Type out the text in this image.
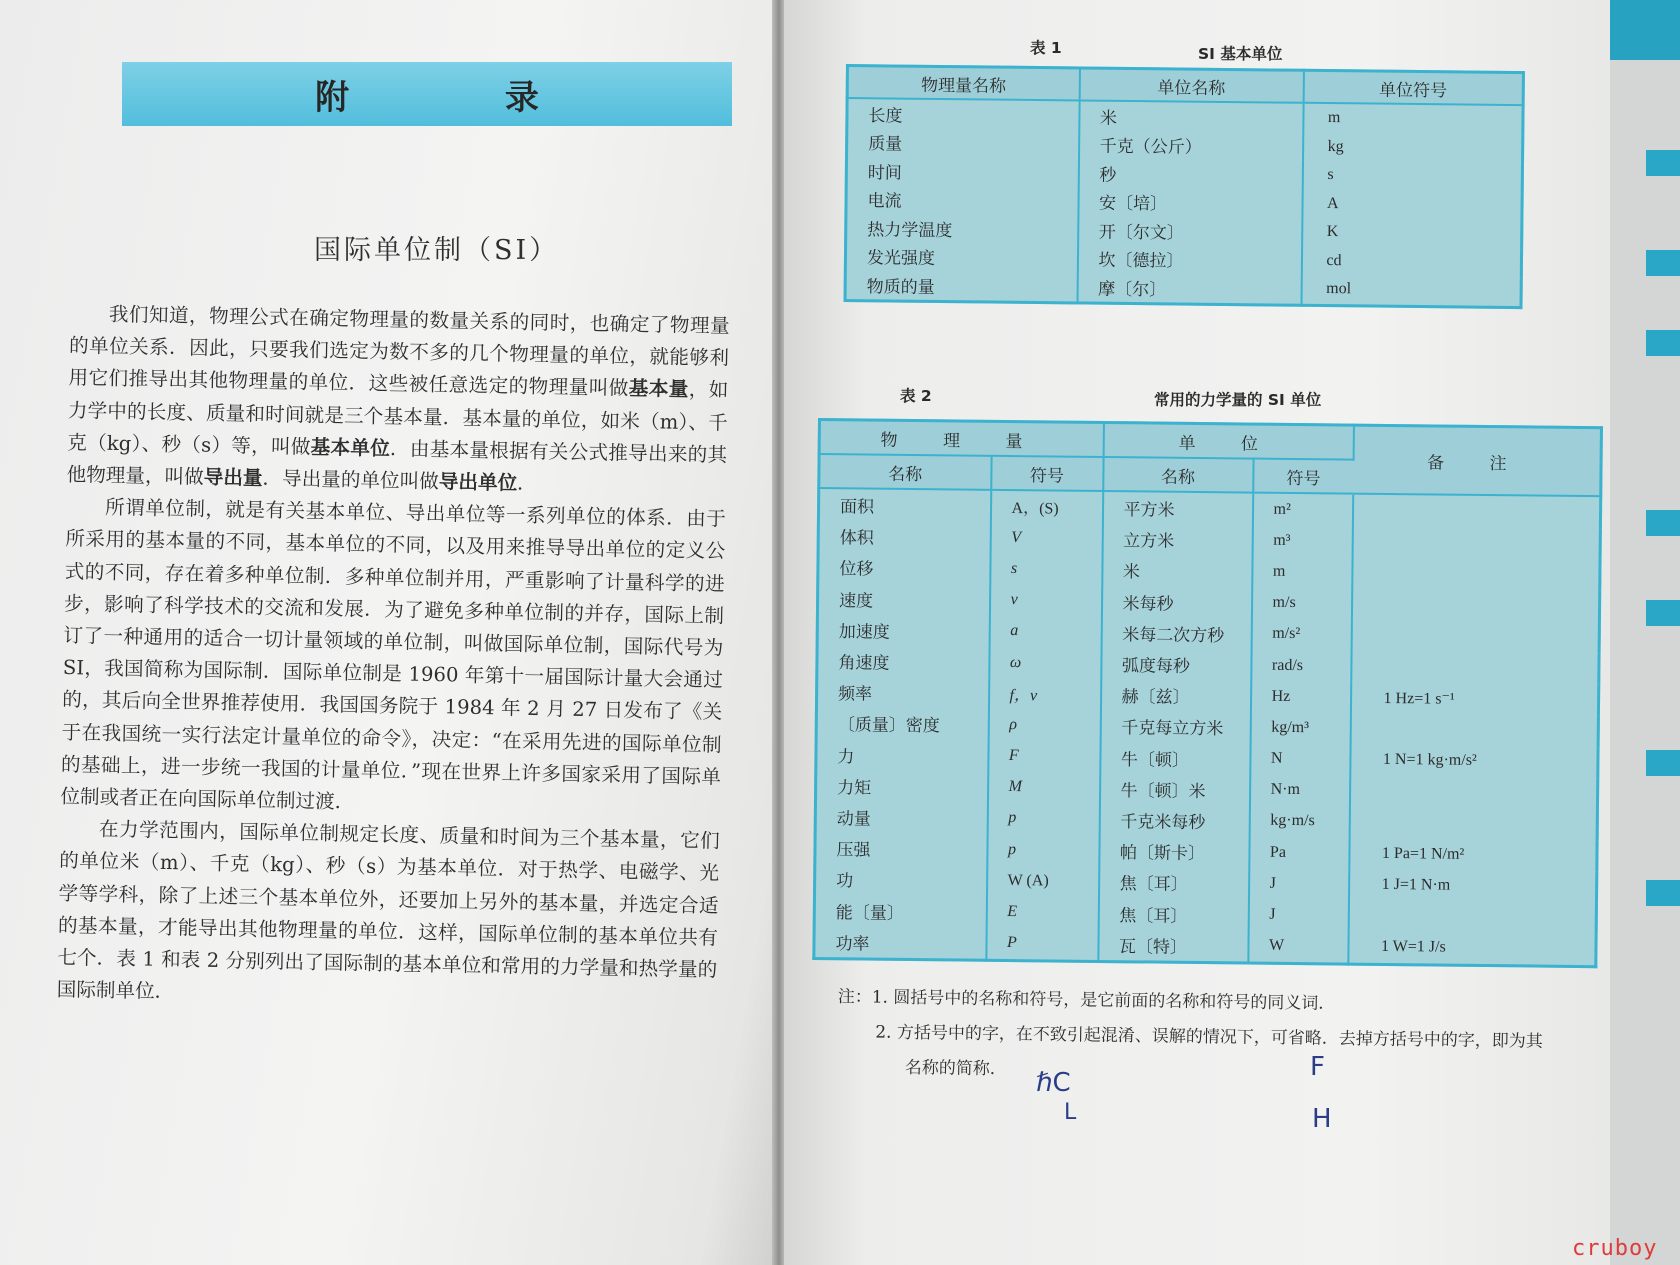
附 录
国际单位制（SI）

我们知道，物理公式在确定物理量的数量关系的同时，也确定了物理量的单位关系．因此，只要我们选定为数不多的几个物理量的单位，就能够利用它们推导出其他物理量的单位．这些被任意选定的物理量叫做基本量，如力学中的长度、质量和时间就是三个基本量．基本量的单位，如米（m）、千克（kg）、秒（s）等，叫做基本单位．由基本量根据有关公式推导出来的其他物理量，叫做导出量．导出量的单位叫做导出单位．

所谓单位制，就是有关基本单位、导出单位等一系列单位的体系．由于所采用的基本量的不同，基本单位的不同，以及用来推导导出单位的定义公式的不同，存在着多种单位制．多种单位制并用，严重影响了计量科学的进步，影响了科学技术的交流和发展．为了避免多种单位制的并存，国际上制订了一种通用的适合一切计量领域的单位制，叫做国际单位制，国际代号为 SI，我国简称为国际制．国际单位制是 1960 年第十一届国际计量大会通过的，其后向全世界推荐使用．我国国务院于 1984 年 2 月 27 日发布了《关于在我国统一实行法定计量单位的命令》，决定：“在采用先进的国际单位制的基础上，进一步统一我国的计量单位．”现在世界上许多国家采用了国际单位制或者正在向国际单位制过渡．

在力学范围内，国际单位制规定长度、质量和时间为三个基本量，它们的单位米（m）、千克（kg）、秒（s）为基本单位．对于热学、电磁学、光学等学科，除了上述三个基本单位外，还要加上另外的基本量，并选定合适的基本量，才能导出其他物理量的单位．这样，国际单位制的基本单位共有七个．表 1 和表 2 分别列出了国际制的基本单位和常用的力学量和热学量的国际制单位．

表 1	SI 基本单位
物理量名称	单位名称	单位符号
长度	米	m
质量	千克（公斤）	kg
时间	秒	s
电流	安〔培〕	A
热力学温度	开〔尔文〕	K
发光强度	坎〔德拉〕	cd
物质的量	摩〔尔〕	mol
表 2	常用的力学量的 SI 单位
物 理 量		单 位		备 注
名称	符号	名称	符号	
面积	A，(S)	平方米	m²	
体积	V	立方米	m³	
位移	s	米	m	
速度	v	米每秒	m/s	
加速度	a	米每二次方秒	m/s²	
角速度	ω	弧度每秒	rad/s	
频率	f，ν	赫〔兹〕	Hz	1 Hz=1 s⁻¹
〔质量〕密度	ρ	千克每立方米	kg/m³	
力	F	牛〔顿〕	N	1 N=1 kg·m/s²
力矩	M	牛〔顿〕米	N·m	
动量	p	千克米每秒	kg·m/s	
压强	p	帕〔斯卡〕	Pa	1 Pa=1 N/m²
功	W (A)	焦〔耳〕	J	1 J=1 N·m
能〔量〕	E	焦〔耳〕	J	
功率	P	瓦〔特〕	W	1 W=1 J/s

注：1. 圆括号中的名称和符号，是它前面的名称和符号的同义词．

2. 方括号中的字，在不致引起混淆、误解的情况下，可省略．去掉方括号中的字，即为其

名称的简称．	ℏC
L
F
H
cruboy
